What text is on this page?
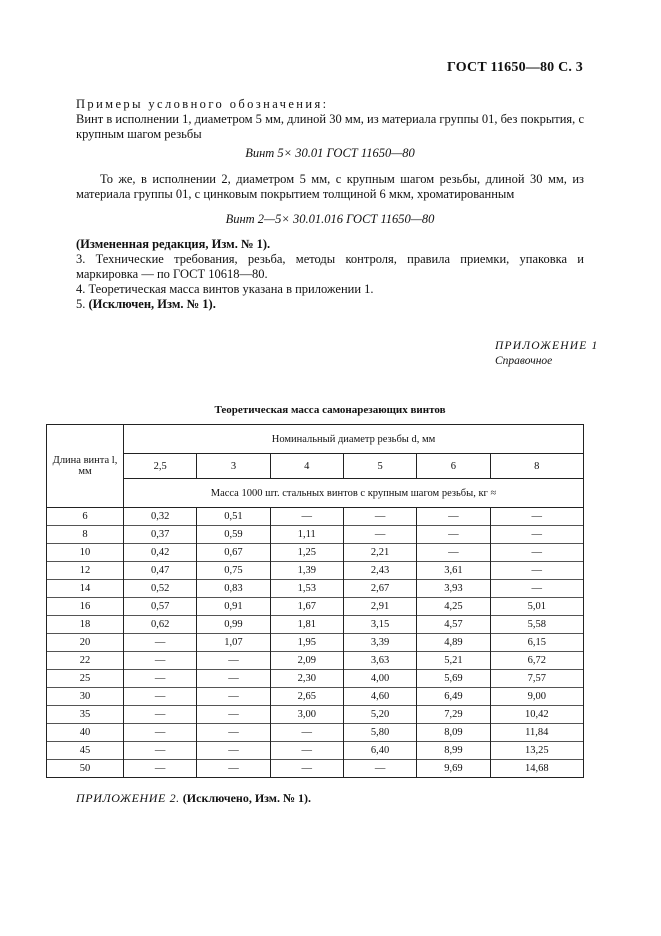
ГОСТ 11650—80 С. 3
Примеры условного обозначения:
Винт в исполнении 1, диаметром 5 мм, длиной 30 мм, из материала группы 01, без покрытия, с крупным шагом резьбы
Винт 5× 30.01 ГОСТ 11650—80
То же, в исполнении 2, диаметром 5 мм, с крупным шагом резьбы, длиной 30 мм, из материала группы 01, с цинковым покрытием толщиной 6 мкм, хроматированным
Винт 2—5× 30.01.016 ГОСТ 11650—80
(Измененная редакция, Изм. № 1).
3. Технические требования, резьба, методы контроля, правила приемки, упаковка и маркировка — по ГОСТ 10618—80.
4. Теоретическая масса винтов указана в приложении 1.
5. (Исключен, Изм. № 1).
ПРИЛОЖЕНИЕ 1
Справочное
Теоретическая масса самонарезающих винтов
Длина винта l, мм	Номинальный диаметр резьбы d, мм					
	2,5	3	4	5	6	8
	Масса 1000 шт. стальных винтов с крупным шагом резьбы, кг ≈					
6	0,32	0,51	—	—	—	—
8	0,37	0,59	1,11	—	—	—
10	0,42	0,67	1,25	2,21	—	—
12	0,47	0,75	1,39	2,43	3,61	—
14	0,52	0,83	1,53	2,67	3,93	—
16	0,57	0,91	1,67	2,91	4,25	5,01
18	0,62	0,99	1,81	3,15	4,57	5,58
20	—	1,07	1,95	3,39	4,89	6,15
22	—	—	2,09	3,63	5,21	6,72
25	—	—	2,30	4,00	5,69	7,57
30	—	—	2,65	4,60	6,49	9,00
35	—	—	3,00	5,20	7,29	10,42
40	—	—	—	5,80	8,09	11,84
45	—	—	—	6,40	8,99	13,25
50	—	—	—	—	9,69	14,68
ПРИЛОЖЕНИЕ 2. (Исключено, Изм. № 1).
